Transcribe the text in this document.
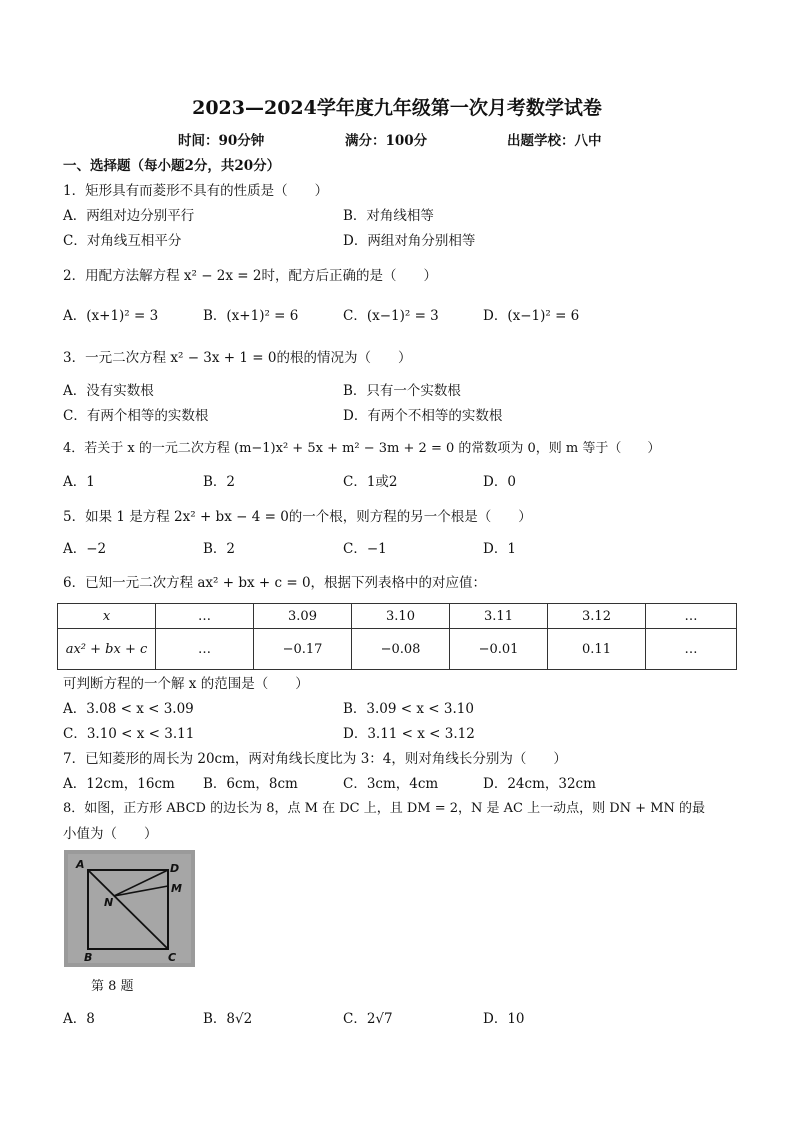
2023—2024学年度九年级第一次月考数学试卷
时间：90分钟	满分：100分	出题学校：八中
一、选择题（每小题2分，共20分）
1．矩形具有而菱形不具有的性质是（　　）
A．两组对边分别平行	B．对角线相等
C．对角线互相平分	D．两组对角分别相等
2．用配方法解方程 x² − 2x = 2时，配方后正确的是（　　）
A．(x+1)² = 3	B．(x+1)² = 6	C．(x−1)² = 3	D．(x−1)² = 6
3．一元二次方程 x² − 3x + 1 = 0的根的情况为（　　）
A．没有实数根	B．只有一个实数根
C．有两个相等的实数根	D．有两个不相等的实数根
4．若关于 x 的一元二次方程 (m−1)x² + 5x + m² − 3m + 2 = 0 的常数项为 0，则 m 等于（　　）
A．1	B．2	C．1或2	D．0
5．如果 1 是方程 2x² + bx − 4 = 0的一个根，则方程的另一个根是（　　）
A．−2	B．2	C．−1	D．1
6．已知一元二次方程 ax² + bx + c = 0，根据下列表格中的对应值：
x	…	3.09	3.10	3.11	3.12	…
ax² + bx + c	…	−0.17	−0.08	−0.01	0.11	…
可判断方程的一个解 x 的范围是（　　）
A．3.08 < x < 3.09	B．3.09 < x < 3.10
C．3.10 < x < 3.11	D．3.11 < x < 3.12
7．已知菱形的周长为 20cm，两对角线长度比为 3：4，则对角线长分别为（　　）
A．12cm，16cm B．6cm，8cm	C．3cm，4cm	D．24cm，32cm
8．如图，正方形 ABCD 的边长为 8，点 M 在 DC 上，且 DM = 2，N 是 AC 上一动点，则 DN + MN 的最
小值为（　　）
A	D
M
N
B	C
第 8 题
A．8	B．8√2	C．2√7	D．10
